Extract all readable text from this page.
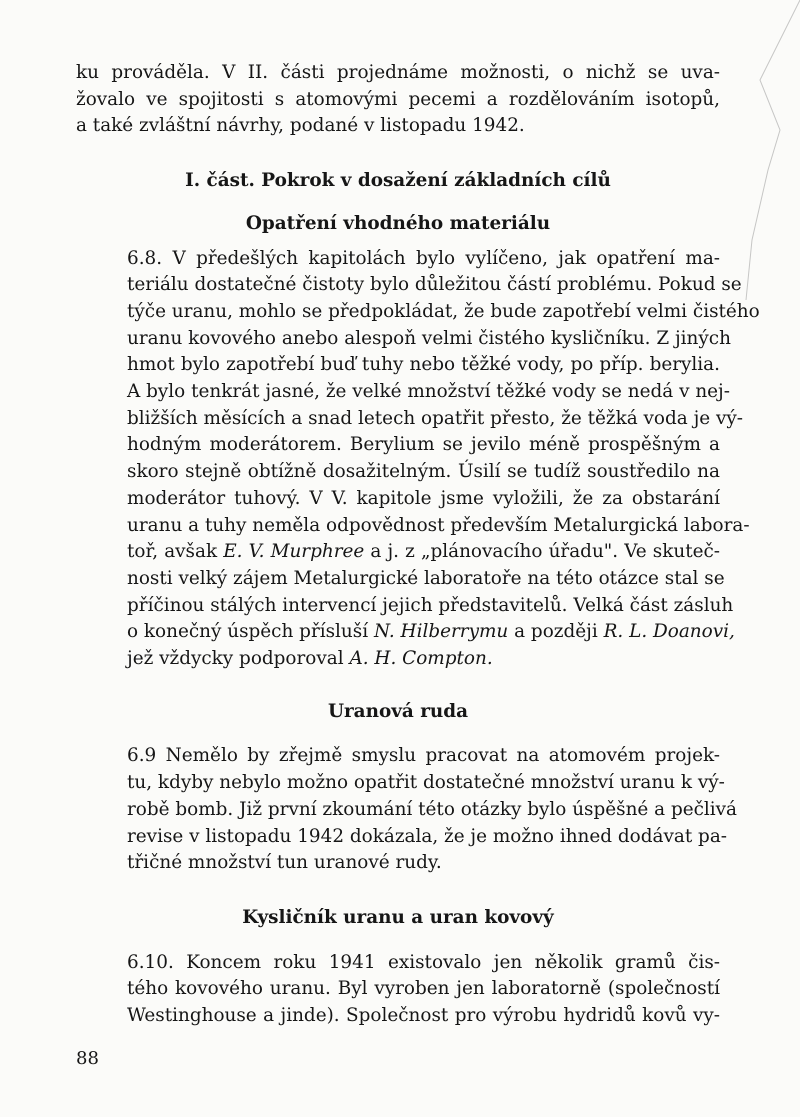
ku prováděla. V II. části projednáme možnosti, o nichž se uva-
žovalo ve spojitosti s atomovými pecemi a rozdělováním isotopů,
a také zvláštní návrhy, podané v listopadu 1942.

I. část. Pokrok v dosažení základních cílů
Opatření vhodného materiálu

6.8. V předešlých kapitolách bylo vylíčeno, jak opatření ma-
teriálu dostatečné čistoty bylo důležitou částí problému. Pokud se
týče uranu, mohlo se předpokládat, že bude zapotřebí velmi čistého
uranu kovového anebo alespoň velmi čistého kysličníku. Z jiných
hmot bylo zapotřebí buď tuhy nebo těžké vody, po příp. berylia.
A bylo tenkrát jasné, že velké množství těžké vody se nedá v nej-
bližších měsících a snad letech opatřit přesto, že těžká voda je vý-
hodným moderátorem. Berylium se jevilo méně prospěšným a
skoro stejně obtížně dosažitelným. Úsilí se tudíž soustředilo na
moderátor tuhový. V V. kapitole jsme vyložili, že za obstarání
uranu a tuhy neměla odpovědnost především Metalurgická labora-
toř, avšak E. V. Murphree a j. z „plánovacího úřadu". Ve skuteč-
nosti velký zájem Metalurgické laboratoře na této otázce stal se
příčinou stálých intervencí jejich představitelů. Velká část zásluh
o konečný úspěch přísluší N. Hilberrymu a později R. L. Doanovi,
jež vždycky podporoval A. H. Compton.

Uranová ruda

6.9 Nemělo by zřejmě smyslu pracovat na atomovém projek-
tu, kdyby nebylo možno opatřit dostatečné množství uranu k vý-
robě bomb. Již první zkoumání této otázky bylo úspěšné a pečlivá
revise v listopadu 1942 dokázala, že je možno ihned dodávat pa-
třičné množství tun uranové rudy.

Kysličník uranu a uran kovový

6.10. Koncem roku 1941 existovalo jen několik gramů čis-
tého kovového uranu. Byl vyroben jen laboratorně (společností
Westinghouse a jinde). Společnost pro výrobu hydridů kovů vy-

88
